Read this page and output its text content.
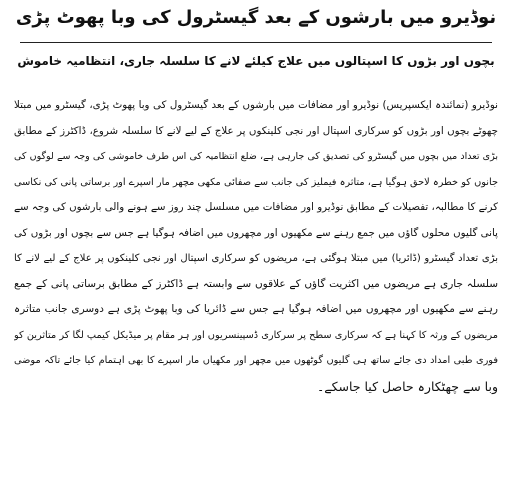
نوڈیرو میں بارشوں کے بعد گیسٹرول کی وبا پھوٹ پڑی
بچوں اور بڑوں کا اسپتالوں میں علاج کیلئے لانے کا سلسلہ جاری، انتظامیہ خاموش
نوڈیرو (نمائندہ ایکسپریس) نوڈیرو اور مضافات میں بارشوں کے بعد گیسٹرول کی وبا پھوٹ پڑی، گیسٹرو میں مبتلا
چھوٹے بچوں اور بڑوں کو سرکاری اسپتال اور نجی کلینکوں پر علاج کے لیے لانے کا سلسلہ شروع، ڈاکٹرز کے مطابق
بڑی تعداد میں بچوں میں گیسٹرو کی تصدیق کی جارہی ہے، ضلع انتظامیہ کی اس طرف خاموشی کی وجہ سے لوگوں کی
جانوں کو خطرہ لاحق ہوگیا ہے، متاثرہ فیملیز کی جانب سے صفائی مکھی مچھر مار اسپرے اور برساتی پانی کی نکاسی
کرنے کا مطالبہ، تفصیلات کے مطابق نوڈیرو اور مضافات میں مسلسل چند روز سے ہونے والی بارشوں کی وجہ سے
پانی گلیوں محلوں گاؤں میں جمع رہنے سے مکھیوں اور مچھروں میں اضافہ ہوگیا ہے جس سے بچوں اور بڑوں کی
بڑی تعداد گیسٹرو (ڈائریا) میں مبتلا ہوگئی ہے، مریضوں کو سرکاری اسپتال اور نجی کلینکوں پر علاج کے لیے لانے کا
سلسلہ جاری ہے مریضوں میں اکثریت گاؤں کے علاقوں سے وابستہ ہے ڈاکٹرز کے مطابق برساتی پانی کے جمع
رہنے سے مکھیوں اور مچھروں میں اضافہ ہوگیا ہے جس سے ڈائریا کی وبا پھوٹ پڑی ہے دوسری جانب متاثرہ
مریضوں کے ورثہ کا کہنا ہے کہ سرکاری سطح پر سرکاری ڈسپینسریوں اور ہر مقام پر میڈیکل کیمپ لگا کر متاثرین کو
فوری طبی امداد دی جائے ساتھ ہی گلیوں گوٹھوں میں مچھر اور مکھیاں مار اسپرے کا بھی اہتمام کیا جائے تاکہ موضی
وبا سے چھٹکارہ حاصل کیا جاسکے۔
